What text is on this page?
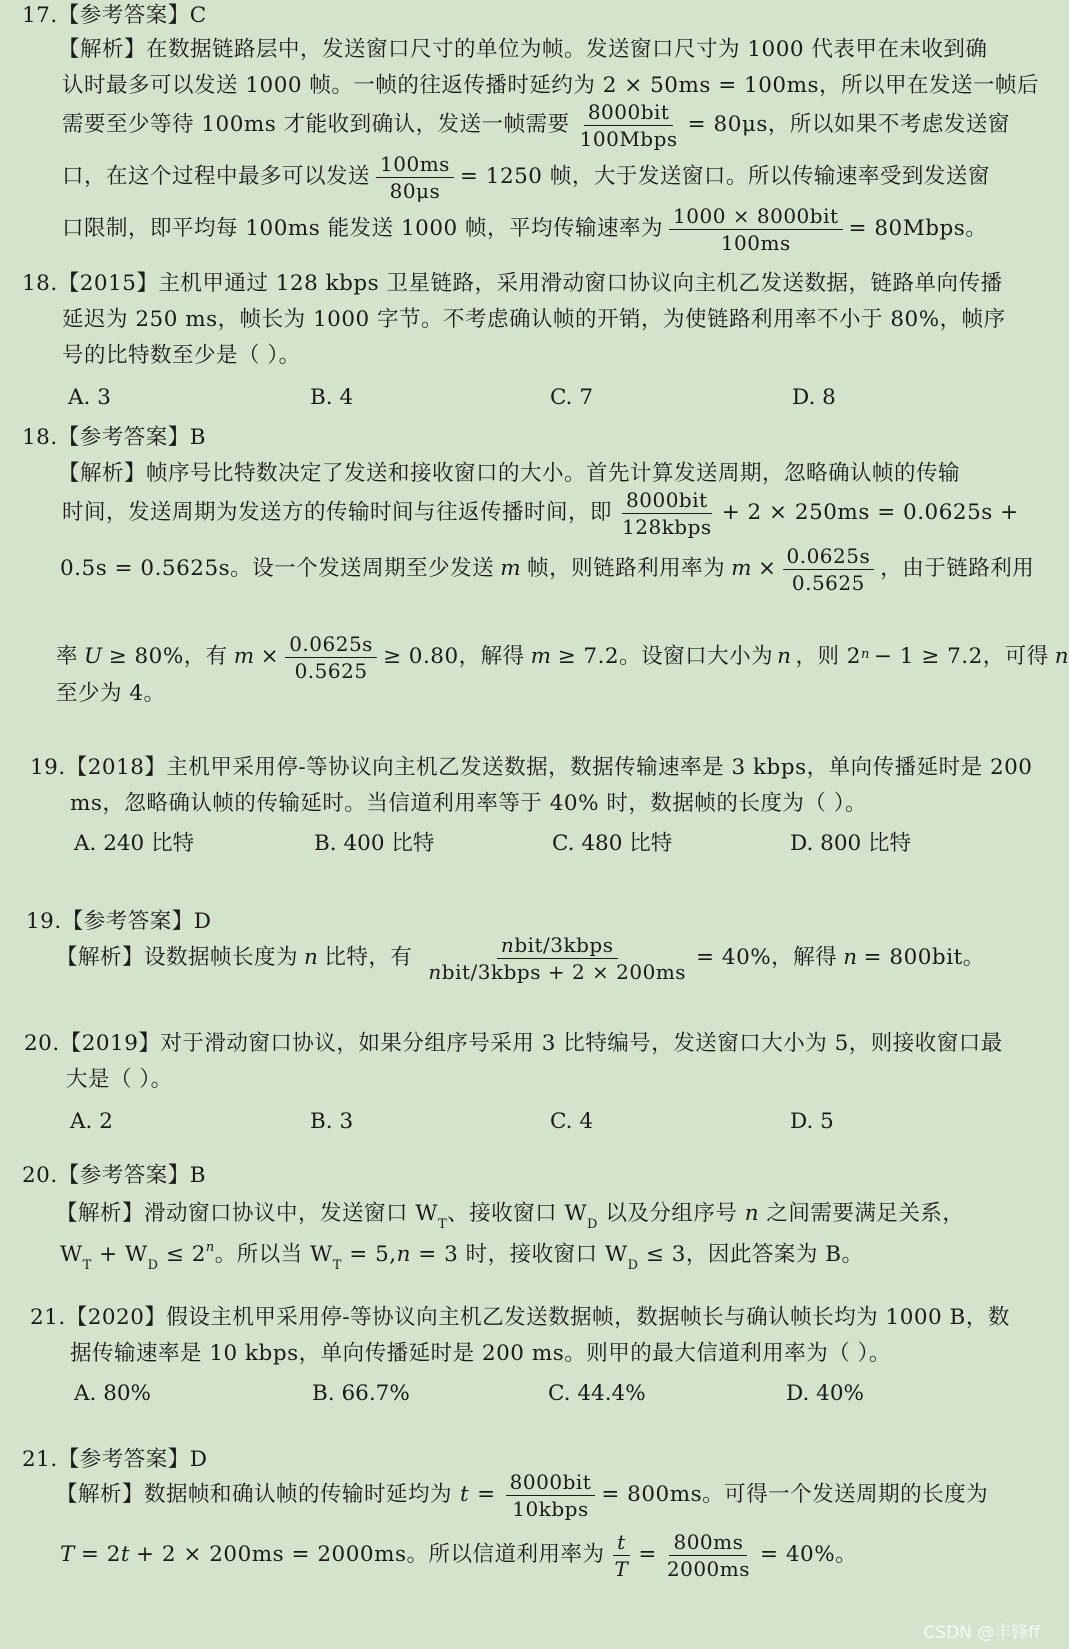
17.【参考答案】C
【解析】在数据链路层中，发送窗口尺寸的单位为帧。发送窗口尺寸为 1000 代表甲在未收到确
认时最多可以发送 1000 帧。一帧的往返传播时延约为 2 × 50ms = 100ms，所以甲在发送一帧后
需要至少等待 100ms 才能收到确认，发送一帧需要 $\frac{\text{8000bit}}{\text{100Mbps}} = 80\mu s$，所以如果不考虑发送窗
口，在这个过程中最多可以发送 $\frac{100ms}{80\mu s} = 1250$ 帧，大于发送窗口。所以传输速率受到发送窗
口限制，即平均每 100ms 能发送 1000 帧，平均传输速率为 $\frac{\text{1000 × 8000bit}}{100ms}$ = 80Mbps。
18.【2015】主机甲通过 128 kbps 卫星链路，采用滑动窗口协议向主机乙发送数据，链路单向传播
延迟为 250 ms，帧长为 1000 字节。不考虑确认帧的开销，为使链路利用率不小于 80%，帧序
号的比特数至少是（ ）。
A. 3	B. 4	C. 7	D. 8
18.【参考答案】B
【解析】帧序号比特数决定了发送和接收窗口的大小。首先计算发送周期，忽略确认帧的传输
时间，发送周期为发送方的传输时间与往返传播时间，即 $\frac{\text{8000bit}}{\text{128kbps}} + 2 \times 250ms = 0.0625s$ +
0.5s = 0.5625s。设一个发送周期至少发送 m 帧，则链路利用率为 $m \times \frac{0.0625s}{0.5625}$ ，由于链路利用
率 U ≥ 80%，有 $m \times \frac{0.0625s}{0.5625} \ge 0.80$，解得 m ≥ 7.2。设窗口大小为 n ，则 2 $^n$ − 1 ≥ 7.2，可得 n
至少为 4。
19.【2018】主机甲采用停-等协议向主机乙发送数据，数据传输速率是 3 kbps，单向传播延时是 200
ms，忽略确认帧的传输延时。当信道利用率等于 40% 时，数据帧的长度为（ ）。
A. 240 比特	B. 400 比特	C. 480 比特	D. 800 比特
19.【参考答案】D
【解析】设数据帧长度为 n 比特，有 $\frac{\text{nbit/3kbps}}{\text{nbit/3kbps + 2 × 200ms}} = 40\%$，解得 n = 800bit。
20.【2019】对于滑动窗口协议，如果分组序号采用 3 比特编号，发送窗口大小为 5，则接收窗口最
大是（ ）。
A. 2	B. 3	C. 4	D. 5
20.【参考答案】B
【解析】滑动窗口协议中，发送窗口 $W_T$、接收窗口 $W_D$ 以及分组序号 n 之间需要满足关系，
$W_T + W_D \le 2^n$。所以当 $W_T = 5,n = 3$ 时，接收窗口 $W_D \le 3$，因此答案为 B。
21.【2020】假设主机甲采用停-等协议向主机乙发送数据帧，数据帧长与确认帧长均为 1000 B，数
据传输速率是 10 kbps，单向传播延时是 200 ms。则甲的最大信道利用率为（ ）。
A. 80%	B. 66.7%	C. 44.4%	D. 40%
21.【参考答案】D
【解析】数据帧和确认帧的传输时延均为 $t = \frac{\text{8000bit}}{\text{10kbps}} = 800ms$。可得一个发送周期的长度为
T = 2 t + 2 × 200ms = 2000ms。所以信道利用率为 $\frac{t}{T} = \frac{800ms}{2000ms} = 40\%$。
CSDN @丰锋ff
